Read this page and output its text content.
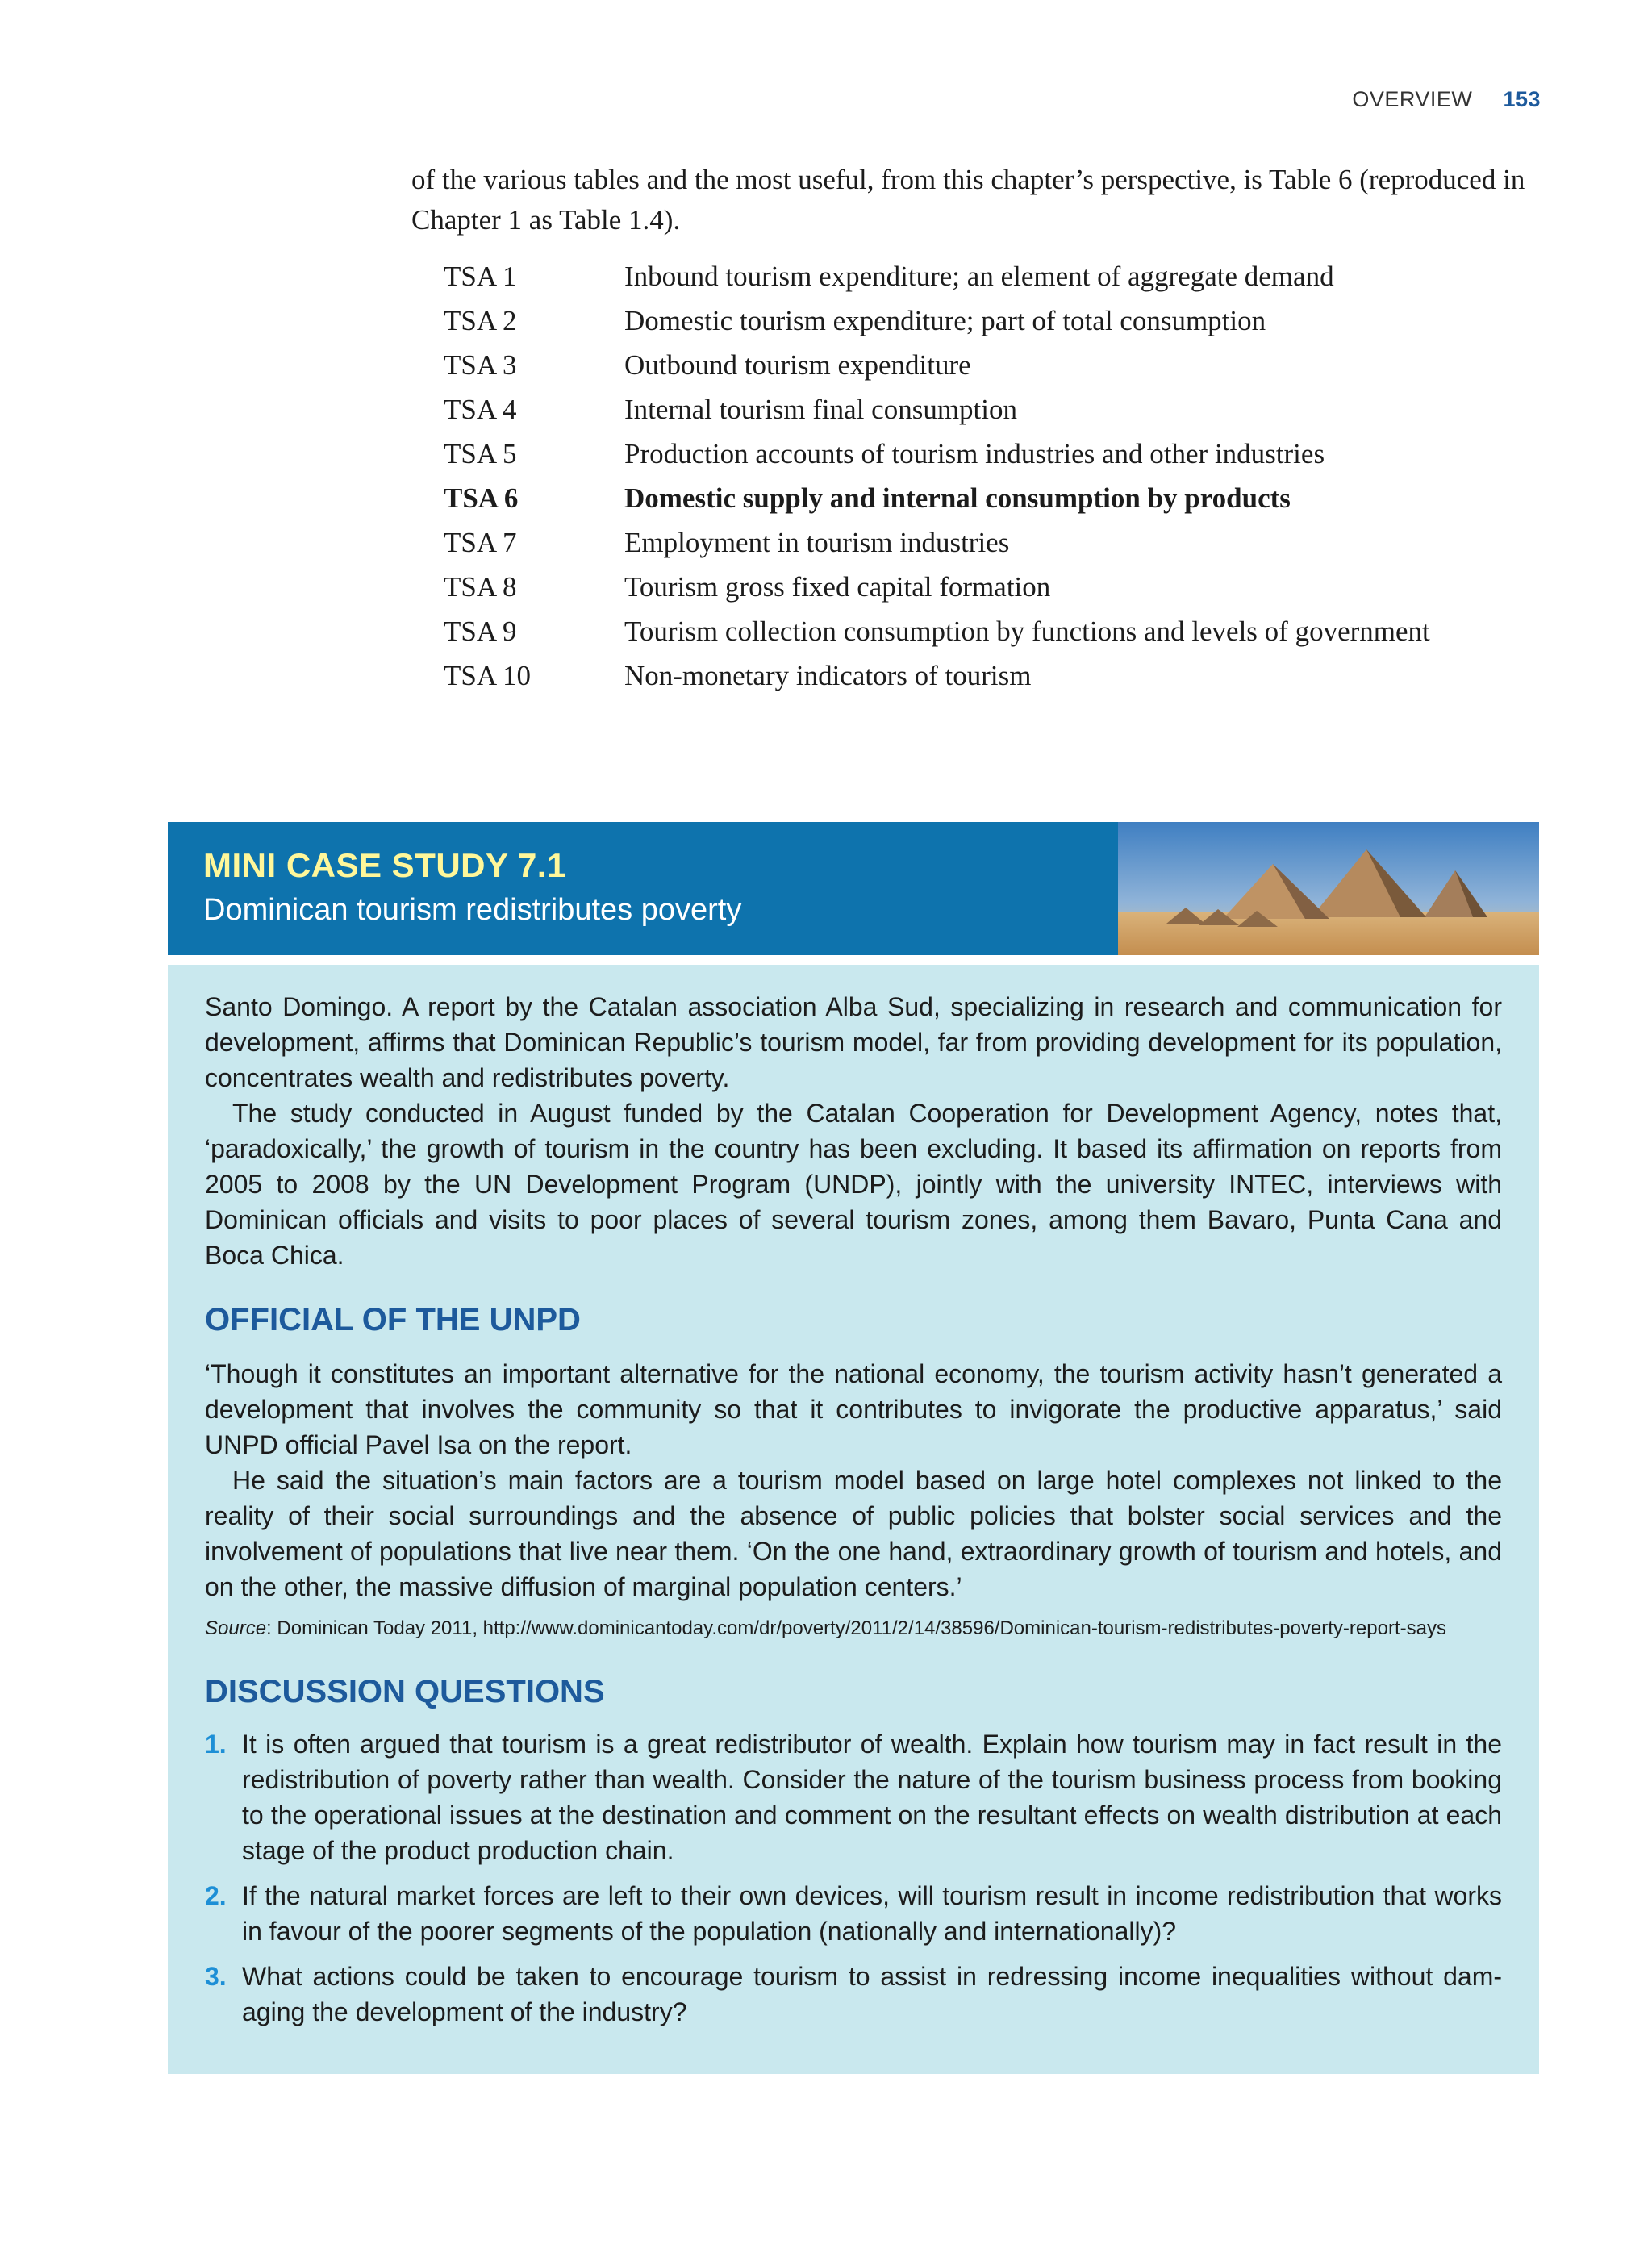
OVERVIEW 153

of the various tables and the most useful, from this chapter’s perspective, is Table 6 (reproduced in Chapter 1 as Table 1.4).

TSA 1	Inbound tourism expenditure; an element of aggregate demand
TSA 2	Domestic tourism expenditure; part of total consumption
TSA 3	Outbound tourism expenditure
TSA 4	Internal tourism final consumption
TSA 5	Production accounts of tourism industries and other industries
TSA 6	Domestic supply and internal consumption by products
TSA 7	Employment in tourism industries
TSA 8	Tourism gross fixed capital formation
TSA 9	Tourism collection consumption by functions and levels of government
TSA 10	Non-monetary indicators of tourism
MINI CASE STUDY 7.1
Dominican tourism redistributes poverty

Santo Domingo. A report by the Catalan association Alba Sud, specializing in research and communication for development, affirms that Dominican Republic’s tourism model, far from providing development for its population, concentrates wealth and redistributes poverty.

The study conducted in August funded by the Catalan Cooperation for Development Agency, notes that, ‘paradoxically,’ the growth of tourism in the country has been excluding. It based its affirmation on reports from 2005 to 2008 by the UN Development Program (UNDP), jointly with the university INTEC, interviews with Dominican officials and visits to poor places of several tourism zones, among them Bavaro, Punta Cana and Boca Chica.

OFFICIAL OF THE UNPD

‘Though it constitutes an important alternative for the national economy, the tourism activity hasn’t generated a development that involves the community so that it contributes to invigorate the productive apparatus,’ said UNPD official Pavel Isa on the report.

He said the situation’s main factors are a tourism model based on large hotel complexes not linked to the reality of their social surroundings and the absence of public policies that bolster social services and the involvement of populations that live near them. ‘On the one hand, extraordinary growth of tourism and hotels, and on the other, the massive diffusion of marginal population centers.’

Source: Dominican Today 2011, http://www.dominicantoday.com/dr/poverty/2011/2/14/38596/Dominican-tourism-redistributes-poverty-report-says

DISCUSSION QUESTIONS
1. It is often argued that tourism is a great redistributor of wealth. Explain how tourism may in fact result in the redistribution of poverty rather than wealth. Consider the nature of the tourism business process from booking to the operational issues at the destination and comment on the resultant effects on wealth distribution at each stage of the product production chain.
2. If the natural market forces are left to their own devices, will tourism result in income redistribution that works in favour of the poorer segments of the population (nationally and internationally)?
3. What actions could be taken to encourage tourism to assist in redressing income inequalities without damaging the development of the industry?
